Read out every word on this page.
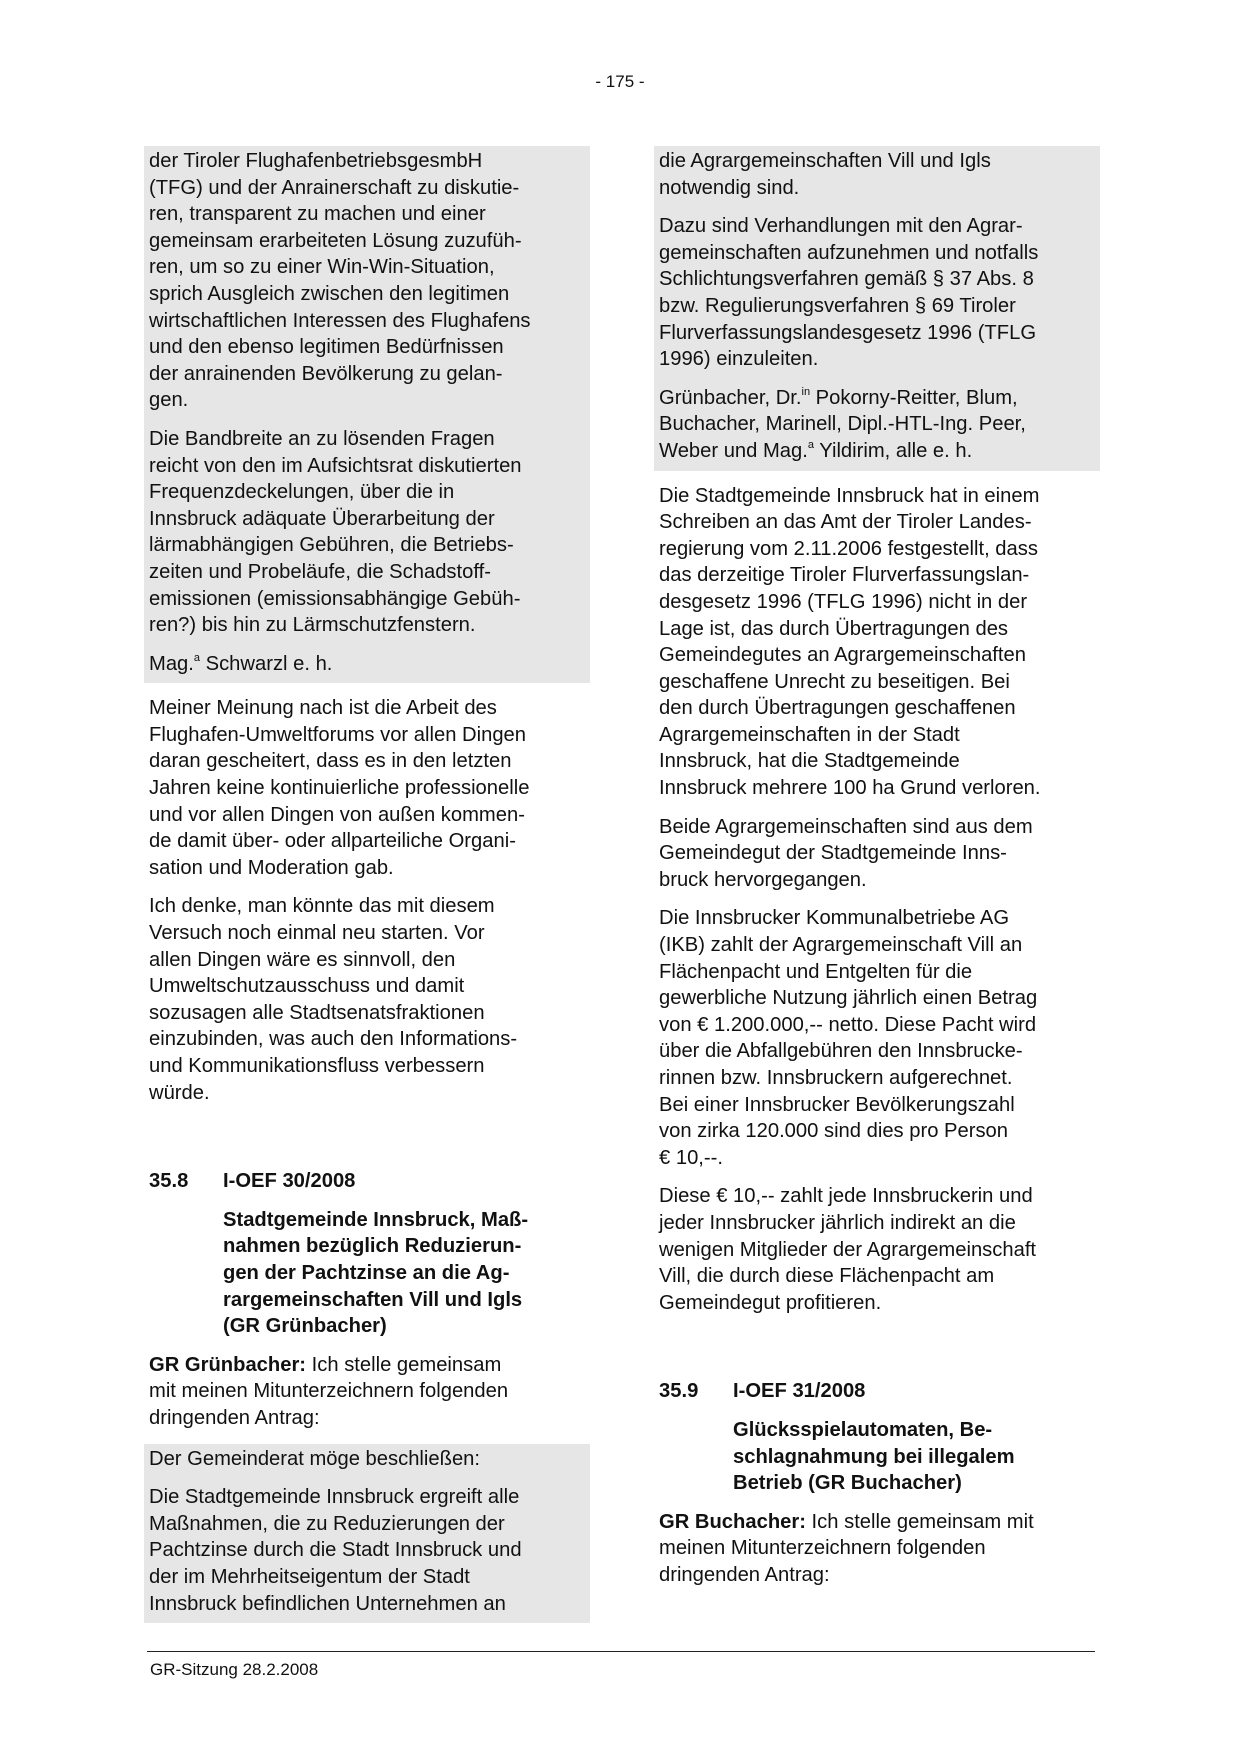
- 175 -

der Tiroler FlughafenbetriebsgesmbH
(TFG) und der Anrainerschaft zu diskutie-
ren, transparent zu machen und einer
gemeinsam erarbeiteten Lösung zuzufüh-
ren, um so zu einer Win-Win-Situation,
sprich Ausgleich zwischen den legitimen
wirtschaftlichen Interessen des Flughafens
und den ebenso legitimen Bedürfnissen
der anrainenden Bevölkerung zu gelan-
gen.

Die Bandbreite an zu lösenden Fragen
reicht von den im Aufsichtsrat diskutierten
Frequenzdeckelungen, über die in
Innsbruck adäquate Überarbeitung der
lärmabhängigen Gebühren, die Betriebs-
zeiten und Probeläufe, die Schadstoff-
emissionen (emissionsabhängige Gebüh-
ren?) bis hin zu Lärmschutzfenstern.

Mag.$^a$ Schwarzl e. h.

Meiner Meinung nach ist die Arbeit des
Flughafen-Umweltforums vor allen Dingen
daran gescheitert, dass es in den letzten
Jahren keine kontinuierliche professionelle
und vor allen Dingen von außen kommen-
de damit über- oder allparteiliche Organi-
sation und Moderation gab.

Ich denke, man könnte das mit diesem
Versuch noch einmal neu starten. Vor
allen Dingen wäre es sinnvoll, den
Umweltschutzausschuss und damit
sozusagen alle Stadtsenatsfraktionen
einzubinden, was auch den Informations-
und Kommunikationsfluss verbessern
würde.

35.8	I-OEF 30/2008
Stadtgemeinde Innsbruck, Maß-
nahmen bezüglich Reduzierun-
gen der Pachtzinse an die Ag-
rargemeinschaften Vill und Igls
(GR Grünbacher)

GR Grünbacher: Ich stelle gemeinsam
mit meinen Mitunterzeichnern folgenden
dringenden Antrag:

Der Gemeinderat möge beschließen:

Die Stadtgemeinde Innsbruck ergreift alle
Maßnahmen, die zu Reduzierungen der
Pachtzinse durch die Stadt Innsbruck und
der im Mehrheitseigentum der Stadt
Innsbruck befindlichen Unternehmen an

die Agrargemeinschaften Vill und Igls
notwendig sind.

Dazu sind Verhandlungen mit den Agrar-
gemeinschaften aufzunehmen und notfalls
Schlichtungsverfahren gemäß § 37 Abs. 8
bzw. Regulierungsverfahren § 69 Tiroler
Flurverfassungslandesgesetz 1996 (TFLG
1996) einzuleiten.

Grünbacher, Dr.$^{in}$ Pokorny-Reitter, Blum,
Buchacher, Marinell, Dipl.-HTL-Ing. Peer,
Weber und Mag.$^a$ Yildirim, alle e. h.

Die Stadtgemeinde Innsbruck hat in einem
Schreiben an das Amt der Tiroler Landes-
regierung vom 2.11.2006 festgestellt, dass
das derzeitige Tiroler Flurverfassungslan-
desgesetz 1996 (TFLG 1996) nicht in der
Lage ist, das durch Übertragungen des
Gemeindegutes an Agrargemeinschaften
geschaffene Unrecht zu beseitigen. Bei
den durch Übertragungen geschaffenen
Agrargemeinschaften in der Stadt
Innsbruck, hat die Stadtgemeinde
Innsbruck mehrere 100 ha Grund verloren.

Beide Agrargemeinschaften sind aus dem
Gemeindegut der Stadtgemeinde Inns-
bruck hervorgegangen.

Die Innsbrucker Kommunalbetriebe AG
(IKB) zahlt der Agrargemeinschaft Vill an
Flächenpacht und Entgelten für die
gewerbliche Nutzung jährlich einen Betrag
von € 1.200.000,-- netto. Diese Pacht wird
über die Abfallgebühren den Innsbrucke-
rinnen bzw. Innsbruckern aufgerechnet.
Bei einer Innsbrucker Bevölkerungszahl
von zirka 120.000 sind dies pro Person
€ 10,--.

Diese € 10,-- zahlt jede Innsbruckerin und
jeder Innsbrucker jährlich indirekt an die
wenigen Mitglieder der Agrargemeinschaft
Vill, die durch diese Flächenpacht am
Gemeindegut profitieren.

35.9	I-OEF 31/2008
Glücksspielautomaten, Be-
schlagnahmung bei illegalem
Betrieb (GR Buchacher)

GR Buchacher: Ich stelle gemeinsam mit
meinen Mitunterzeichnern folgenden
dringenden Antrag:

GR-Sitzung 28.2.2008
